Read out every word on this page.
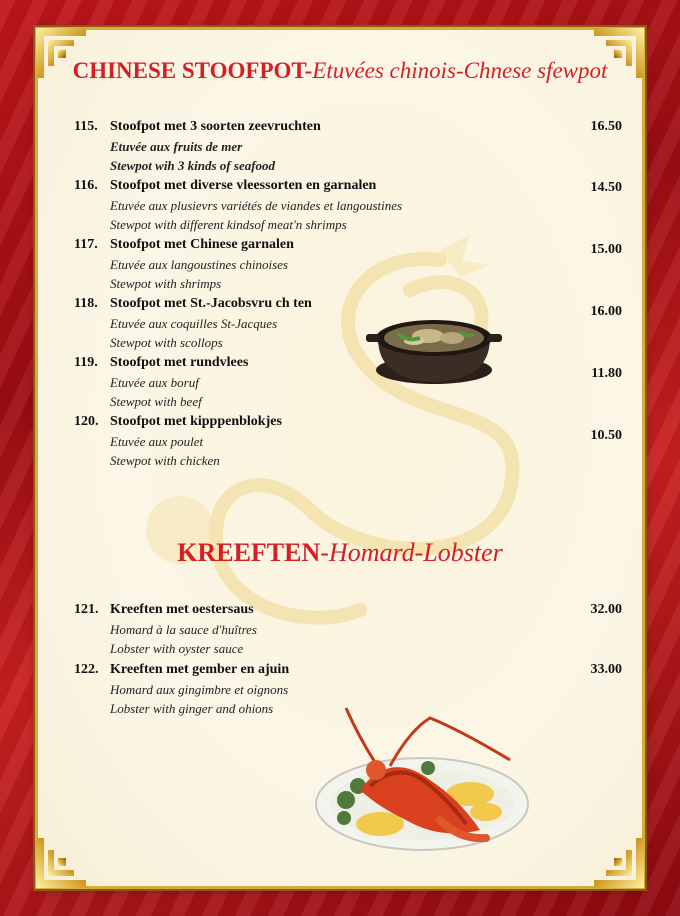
CHINESE STOOFPOT-Etuvées chinois-Chnese sfewpot
115. Stoofpot met 3 soorten zeevruchten
Etuvée aux fruits de mer
Stewpot wih 3 kinds of seafood
16.50
116. Stoofpot met diverse vleessorten en garnalen
Etuvée aux plusievrs variétés de viandes et langoustines
Stewpot with different kindsof meat'n shrimps
14.50
117. Stoofpot met Chinese garnalen
Etuvée aux langoustines chinoises
Stewpot with shrimps
15.00
118. Stoofpot met St.-Jacobsvru ch ten
Etuvée aux coquilles St-Jacques
Stewpot with scollops
16.00
119. Stoofpot met rundvlees
Etuvée aux boruf
Stewpot with beef
11.80
120. Stoofpot met kipppenblokjes
Etuvée aux poulet
Stewpot with chicken
10.50
KREEFTEN-Homard-Lobster
121. Kreeften met oestersaus
Homard à la sauce d'huîtres
Lobster with oyster sauce
32.00
122. Kreeften met gember en ajuin
Homard aux gingimbre et oignons
Lobster with ginger and ohions
33.00
